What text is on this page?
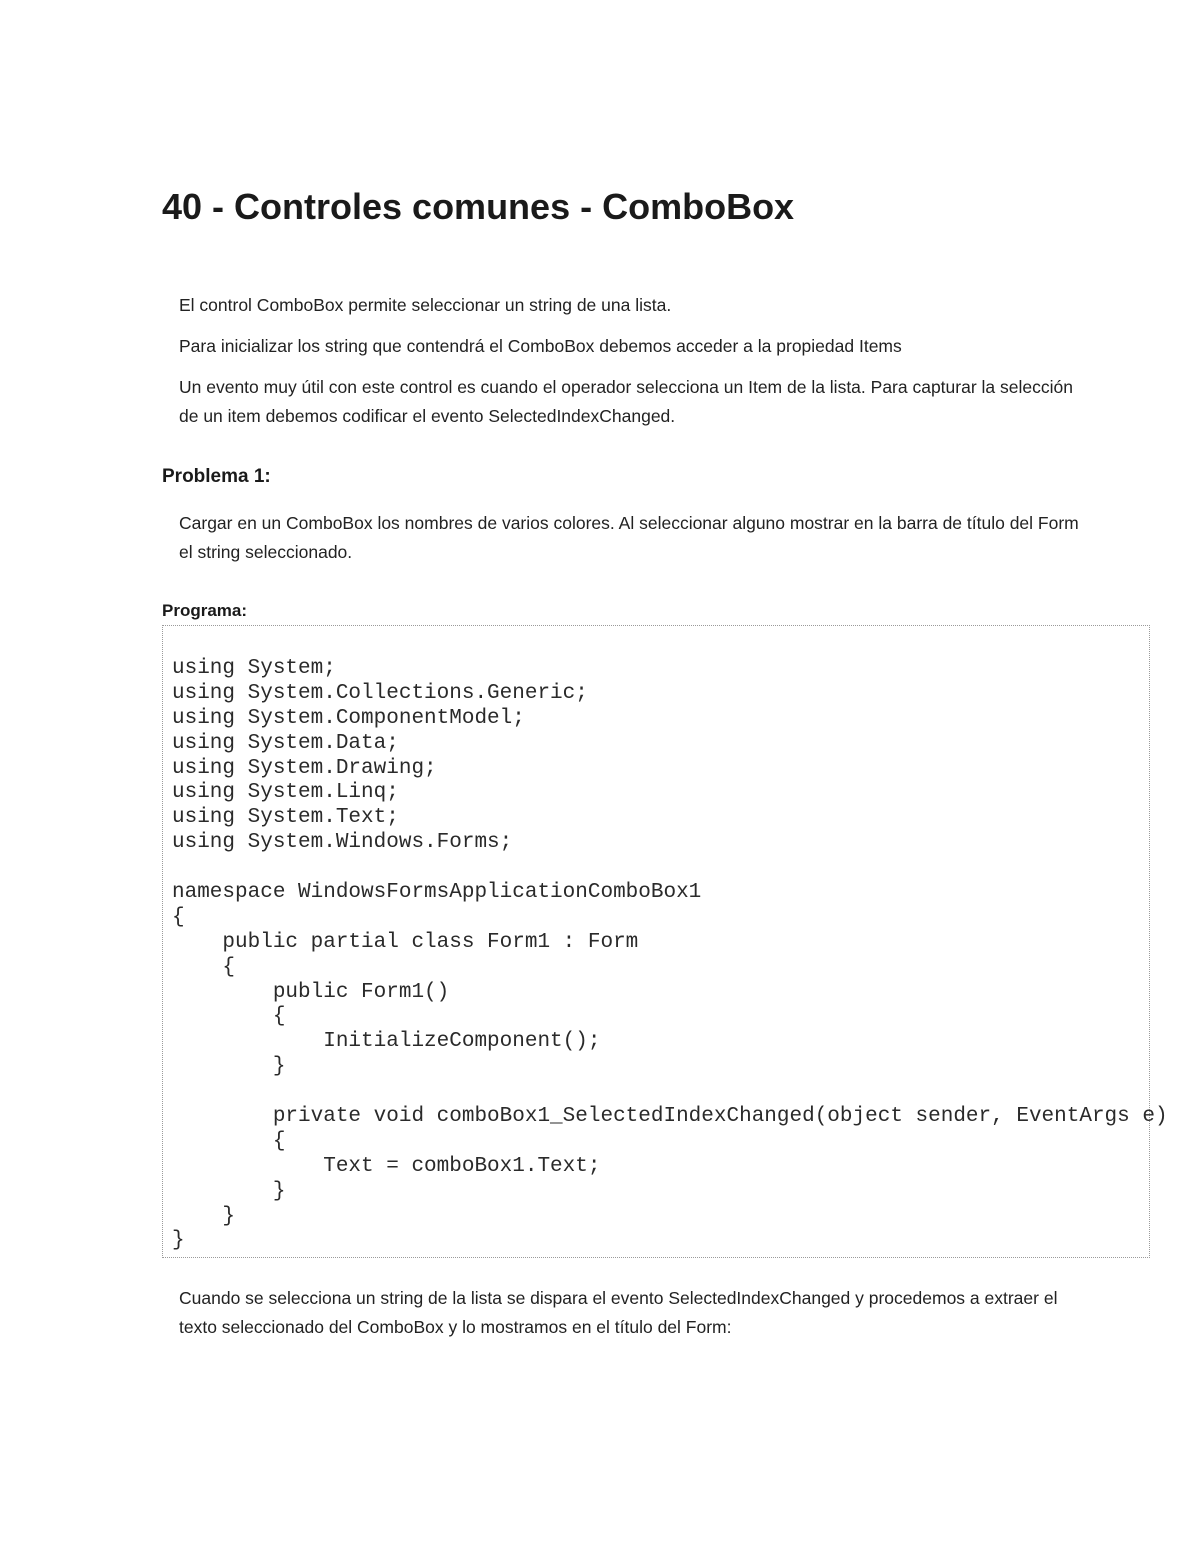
40 - Controles comunes - ComboBox

El control ComboBox permite seleccionar un string de una lista.

Para inicializar los string que contendrá el ComboBox debemos acceder a la propiedad Items

Un evento muy útil con este control es cuando el operador selecciona un Item de la lista. Para capturar la selección de un item debemos codificar el evento SelectedIndexChanged.

Problema 1:

Cargar en un ComboBox los nombres de varios colores. Al seleccionar alguno mostrar en la barra de título del Form el string seleccionado.

Programa:
using System;
using System.Collections.Generic;
using System.ComponentModel;
using System.Data;
using System.Drawing;
using System.Linq;
using System.Text;
using System.Windows.Forms;
namespace WindowsFormsApplicationComboBox1
{
public partial class Form1 : Form
{
public Form1()
{
InitializeComponent();
}
private void comboBox1_SelectedIndexChanged(object sender, EventArgs e)
{
Text = comboBox1.Text;
}
}
}

Cuando se selecciona un string de la lista se dispara el evento SelectedIndexChanged y procedemos a extraer el texto seleccionado del ComboBox y lo mostramos en el título del Form:
